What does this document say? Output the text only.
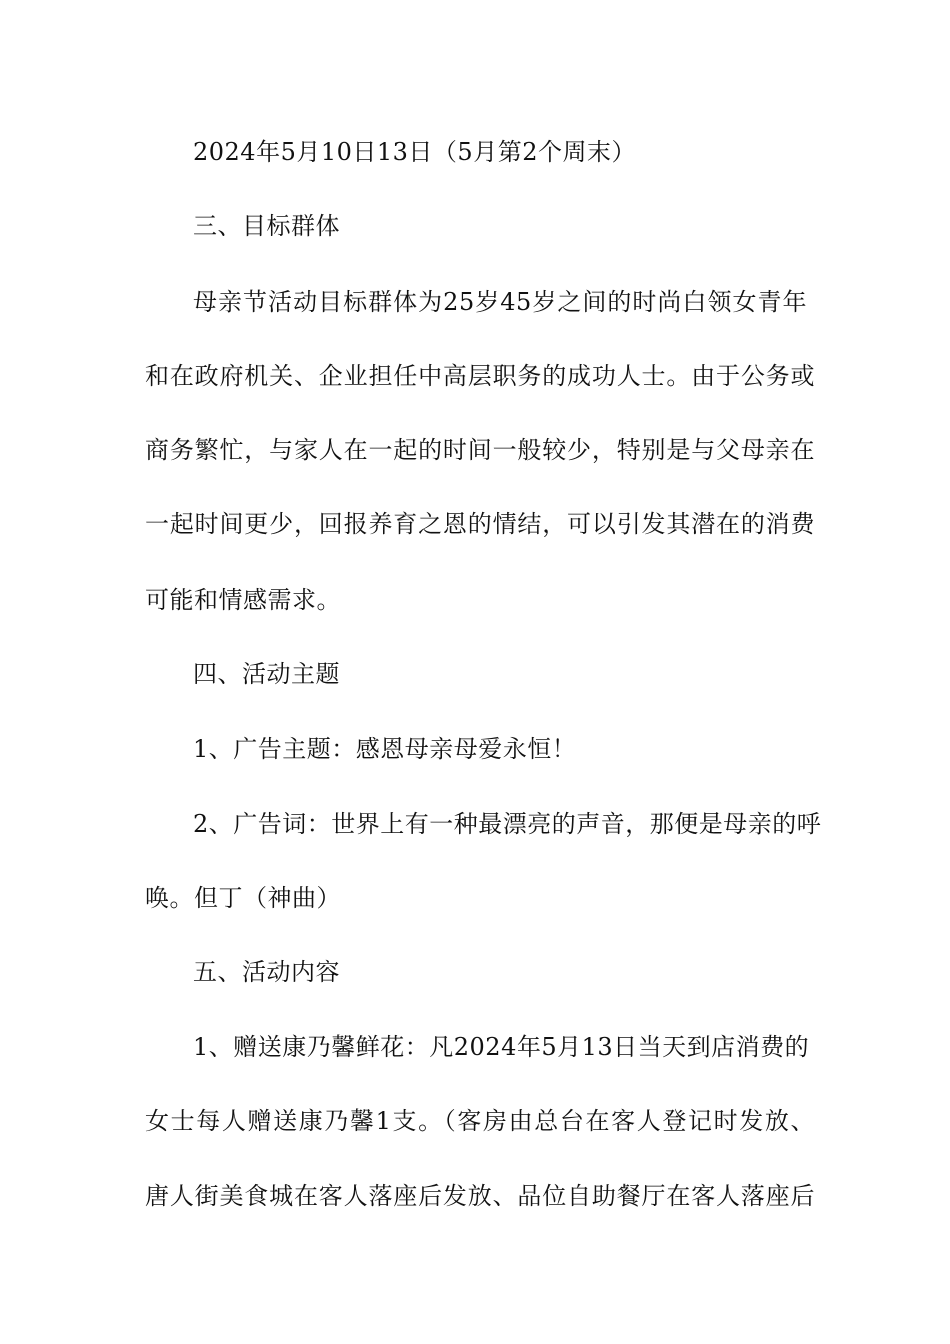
2024年5月10日13日（5月第2个周末）
三、目标群体
母亲节活动目标群体为25岁45岁之间的时尚白领女青年
和在政府机关、企业担任中高层职务的成功人士。由于公务或
商务繁忙，与家人在一起的时间一般较少，特别是与父母亲在
一起时间更少，回报养育之恩的情结，可以引发其潜在的消费
可能和情感需求。
四、活动主题
1、广告主题：感恩母亲母爱永恒！
2、广告词：世界上有一种最漂亮的声音，那便是母亲的呼
唤。但丁（神曲）
五、活动内容
1、赠送康乃馨鲜花：凡2024年5月13日当天到店消费的
女士每人赠送康乃馨1支。（客房由总台在客人登记时发放、
唐人街美食城在客人落座后发放、品位自助餐厅在客人落座后
